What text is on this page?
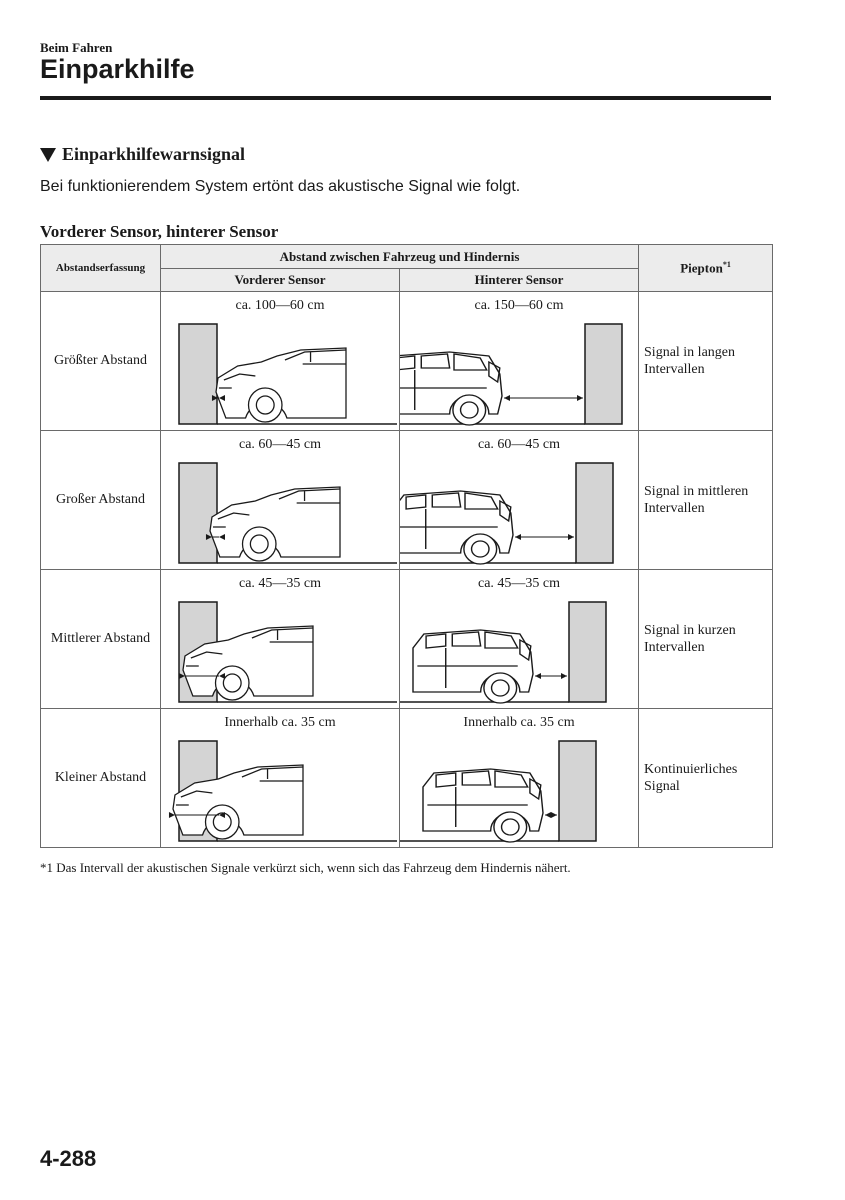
Beim Fahren
Einparkhilfe
Einparkhilfewarnsignal
Bei funktionierendem System ertönt das akustische Signal wie folgt.
Vorderer Sensor, hinterer Sensor
Abstandserfassung	Abstand zwischen Fahrzeug und Hindernis		Piepton$^{*1}$
	Vorderer Sensor	Hinterer Sensor	
Größter Abstand	ca. 100—60 cm	ca. 150—60 cm	Signal in langen Intervallen
Großer Abstand	ca. 60—45 cm	ca. 60—45 cm	Signal in mittleren Intervallen
Mittlerer Abstand	ca. 45—35 cm	ca. 45—35 cm	Signal in kurzen Intervallen
Kleiner Abstand	Innerhalb ca. 35 cm	Innerhalb ca. 35 cm	Kontinuierliches Signal
*1 Das Intervall der akustischen Signale verkürzt sich, wenn sich das Fahrzeug dem Hindernis nähert.
4-288
